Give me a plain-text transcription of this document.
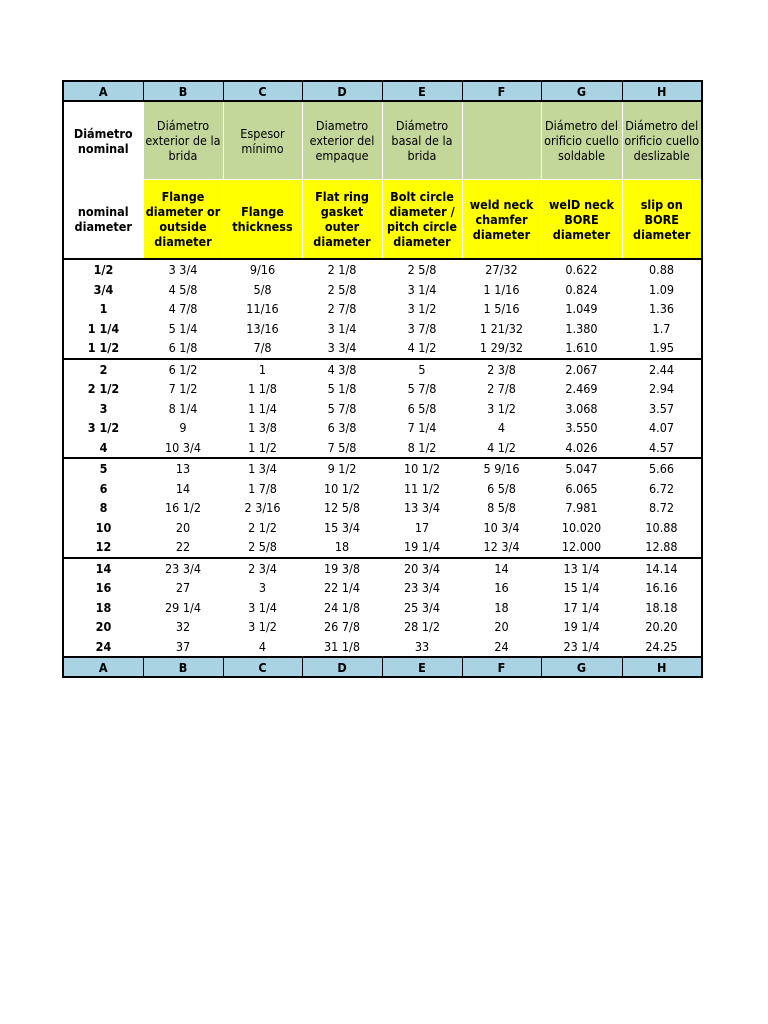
A	B	C	D	E	F	G	H
Diámetro nominal	Diámetro exterior de la brida	Espesor mínimo	Diametro exterior del empaque	Diámetro basal de la brida		Diámetro del orificio cuello soldable	Diámetro del orificio cuello deslizable
nominal diameter	Flange diameter or outside diameter	Flange thickness	Flat ring gasket outer diameter	Bolt circle diameter / pitch circle diameter	weld neck chamfer diameter	welD neck BORE diameter	slip on BORE diameter
1/2	3 3/4	9/16	2 1/8	2 5/8	27/32	0.622	0.88
3/4	4 5/8	5/8	2 5/8	3 1/4	1 1/16	0.824	1.09
1	4 7/8	11/16	2 7/8	3 1/2	1 5/16	1.049	1.36
1 1/4	5 1/4	13/16	3 1/4	3 7/8	1 21/32	1.380	1.7
1 1/2	6 1/8	7/8	3 3/4	4 1/2	1 29/32	1.610	1.95
2	6 1/2	1	4 3/8	5	2 3/8	2.067	2.44
2 1/2	7 1/2	1 1/8	5 1/8	5 7/8	2 7/8	2.469	2.94
3	8 1/4	1 1/4	5 7/8	6 5/8	3 1/2	3.068	3.57
3 1/2	9	1 3/8	6 3/8	7 1/4	4	3.550	4.07
4	10 3/4	1 1/2	7 5/8	8 1/2	4 1/2	4.026	4.57
5	13	1 3/4	9 1/2	10 1/2	5 9/16	5.047	5.66
6	14	1 7/8	10 1/2	11 1/2	6 5/8	6.065	6.72
8	16 1/2	2 3/16	12 5/8	13 3/4	8 5/8	7.981	8.72
10	20	2 1/2	15 3/4	17	10 3/4	10.020	10.88
12	22	2 5/8	18	19 1/4	12 3/4	12.000	12.88
14	23 3/4	2 3/4	19 3/8	20 3/4	14	13 1/4	14.14
16	27	3	22 1/4	23 3/4	16	15 1/4	16.16
18	29 1/4	3 1/4	24 1/8	25 3/4	18	17 1/4	18.18
20	32	3 1/2	26 7/8	28 1/2	20	19 1/4	20.20
24	37	4	31 1/8	33	24	23 1/4	24.25
A	B	C	D	E	F	G	H
